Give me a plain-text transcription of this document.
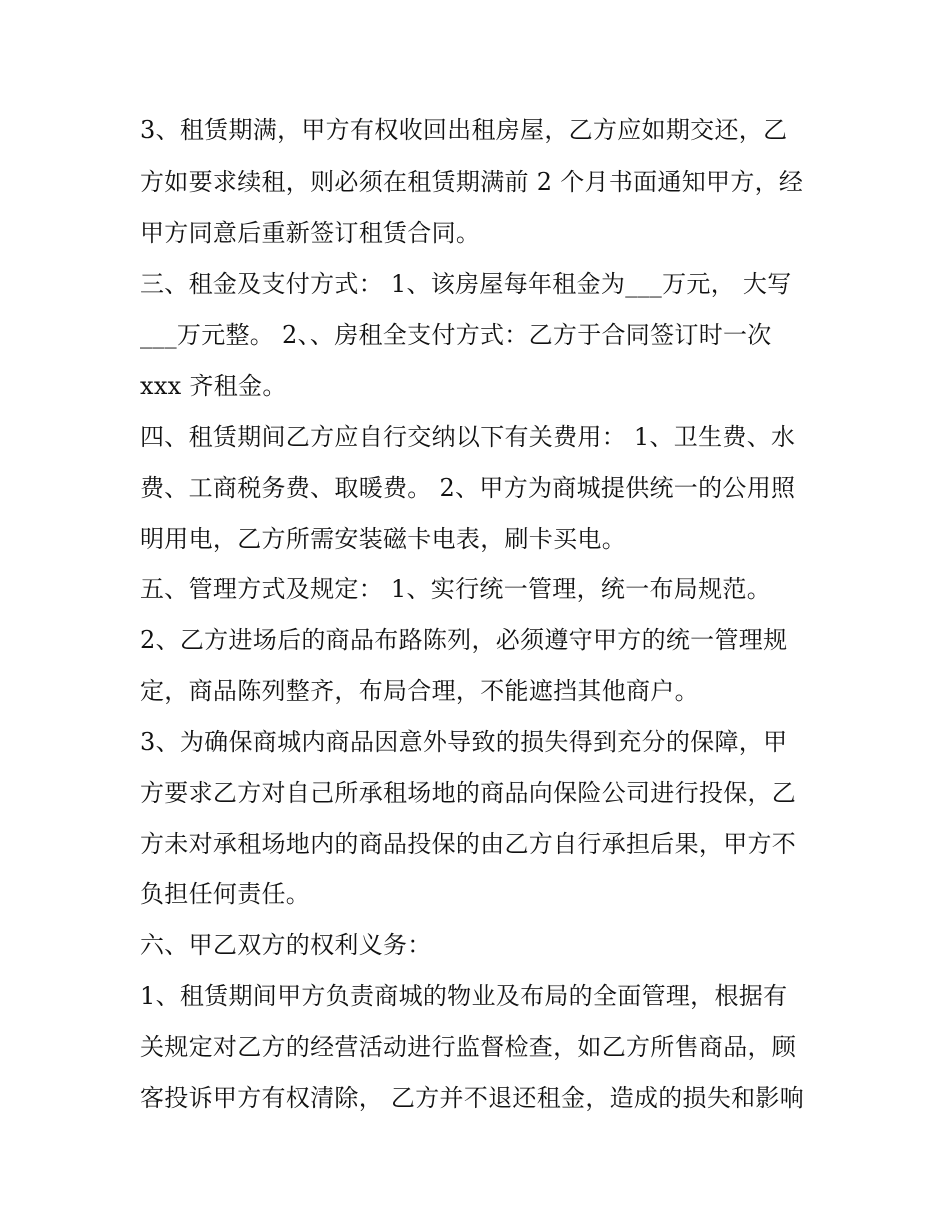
3、租赁期满，甲方有权收回出租房屋，乙方应如期交还，乙

方如要求续租，则必须在租赁期满前 2 个月书面通知甲方，经

甲方同意后重新签订租赁合同。

三、租金及支付方式： 1、该房屋每年租金为___万元， 大写

___万元整。 2、、房租全支付方式：乙方于合同签订时一次

xxx 齐租金。

四、租赁期间乙方应自行交纳以下有关费用： 1、卫生费、水

费、工商税务费、取暖费。 2、甲方为商城提供统一的公用照

明用电，乙方所需安装磁卡电表，刷卡买电。

五、管理方式及规定： 1、实行统一管理，统一布局规范。

2、乙方进场后的商品布路陈列，必须遵守甲方的统一管理规

定，商品陈列整齐，布局合理，不能遮挡其他商户。

3、为确保商城内商品因意外导致的损失得到充分的保障，甲

方要求乙方对自己所承租场地的商品向保险公司进行投保，乙

方未对承租场地内的商品投保的由乙方自行承担后果，甲方不

负担任何责任。

六、甲乙双方的权利义务：

1、租赁期间甲方负责商城的物业及布局的全面管理，根据有

关规定对乙方的经营活动进行监督检查，如乙方所售商品，顾

客投诉甲方有权清除， 乙方并不退还租金，造成的损失和影响
